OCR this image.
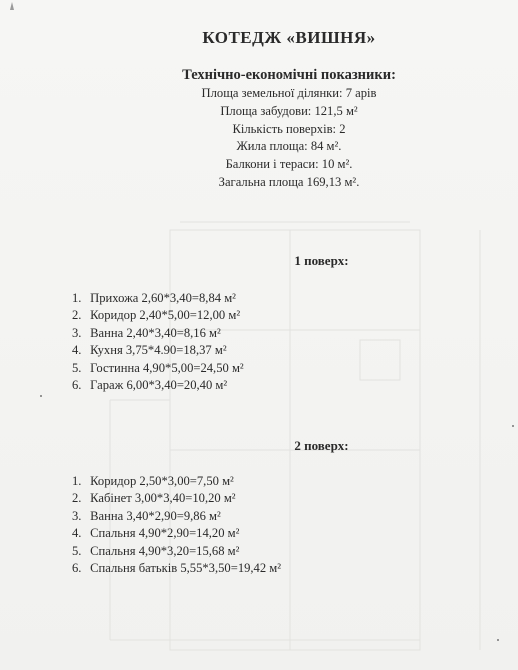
КОТЕДЖ «ВИШНЯ»
Технічно-економічні показники:
Площа земельної ділянки: 7 арів
Площа забудови: 121,5 м²
Кількість поверхів: 2
Жила площа: 84 м².
Балкони і тераси: 10 м².
Загальна площа 169,13 м².
1 поверх:
1. Прихожа 2,60*3,40=8,84 м²
2. Коридор 2,40*5,00=12,00 м²
3. Ванна 2,40*3,40=8,16 м²
4. Кухня 3,75*4.90=18,37 м²
5. Гостинна 4,90*5,00=24,50 м²
6. Гараж 6,00*3,40=20,40 м²
2 поверх:
1. Коридор 2,50*3,00=7,50 м²
2. Кабінет 3,00*3,40=10,20 м²
3. Ванна 3,40*2,90=9,86 м²
4. Спальня 4,90*2,90=14,20 м²
5. Спальня 4,90*3,20=15,68 м²
6. Спальня батьків 5,55*3,50=19,42 м²
